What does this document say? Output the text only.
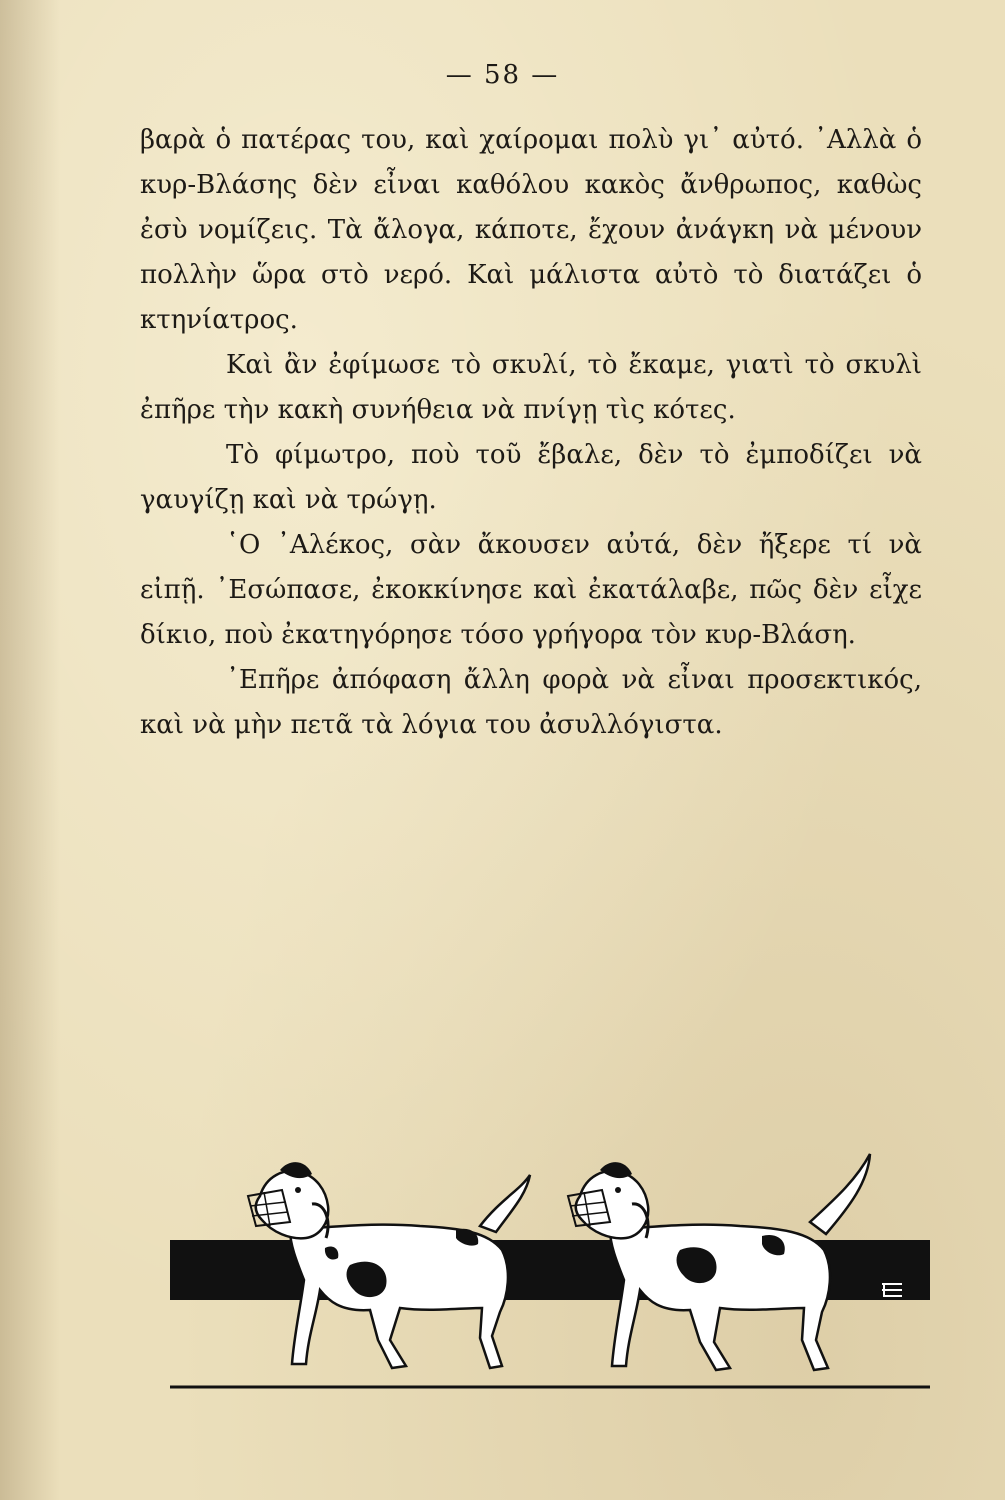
— 58 —

βαρὰ ὁ πατέρας του, καὶ χαίρομαι πολὺ γι᾽ αὐτό. ᾿Αλλὰ ὁ κυρ-Βλάσης δὲν εἶναι καθόλου κακὸς ἄνθρωπος, καθὼς ἐσὺ νομίζεις. Τὰ ἄλογα, κάποτε, ἔχουν ἀνάγκη νὰ μένουν πολλὴν ὥρα στὸ νερό. Καὶ μάλιστα αὐτὸ τὸ διατάζει ὁ κτηνίατρος.

Καὶ ἂν ἐφίμωσε τὸ σκυλί, τὸ ἔκαμε, γιατὶ τὸ σκυλὶ ἐπῆρε τὴν κακὴ συνήθεια νὰ πνίγῃ τὶς κότες.

Τὸ φίμωτρο, ποὺ τοῦ ἔβαλε, δὲν τὸ ἐμποδίζει νὰ γαυγίζῃ καὶ νὰ τρώγῃ.

῾Ο ᾿Αλέκος, σὰν ἄκουσεν αὐτά, δὲν ἤξερε τί νὰ εἰπῇ. ᾿Εσώπασε, ἐκοκκίνησε καὶ ἐκατάλαβε, πῶς δὲν εἶχε δίκιο, ποὺ ἐκατηγόρησε τόσο γρήγορα τὸν κυρ-Βλάση.

᾿Επῆρε ἀπόφαση ἄλλη φορὰ νὰ εἶναι προσεκτικός, καὶ νὰ μὴν πετᾶ τὰ λόγια του ἀσυλλόγιστα.
